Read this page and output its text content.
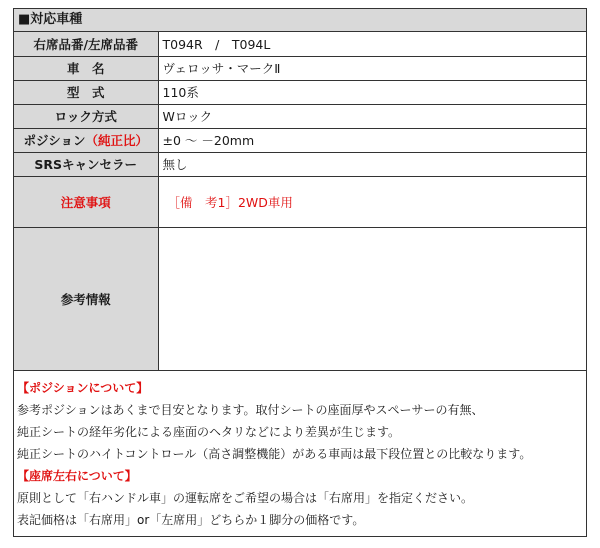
■対応車種
右席品番/左席品番	T094R　/　T094L
車　名	ヴェロッサ・マークⅡ
型　式	110系
ロック方式	Wロック
ポジション（純正比）	±0 ～ －20mm
SRSキャンセラー	無し
注意事項	［備　考1］2WD車用
参考情報	
【ポジションについて】
参考ポジションはあくまで目安となります。取付シートの座面厚やスペーサーの有無、
純正シートの経年劣化による座面のヘタリなどにより差異が生じます。
純正シートのハイトコントロール（高さ調整機能）がある車両は最下段位置との比較なります。
【座席左右について】
原則として「右ハンドル車」の運転席をご希望の場合は「右席用」を指定ください。
表記価格は「右席用」or「左席用」どちらか１脚分の価格です。
